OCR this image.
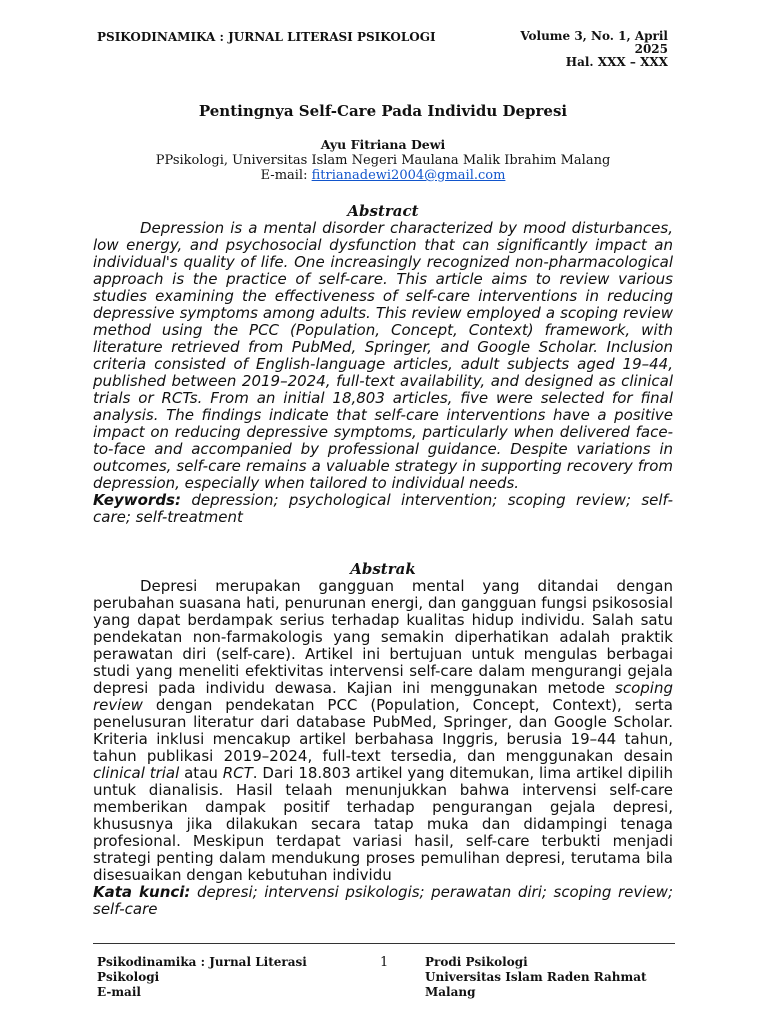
PSIKODINAMIKA : JURNAL LITERASI PSIKOLOGI	Volume 3, No. 1, April
2025
Hal. XXX – XXX
Pentingnya Self-Care Pada Individu Depresi
Ayu Fitriana Dewi
PPsikologi, Universitas Islam Negeri Maulana Malik Ibrahim Malang
E-mail: fitrianadewi2004@gmail.com
Abstract

Depression is a mental disorder characterized by mood disturbances, low energy, and psychosocial dysfunction that can significantly impact an individual's quality of life. One increasingly recognized non-pharmacological approach is the practice of self-care. This article aims to review various studies examining the effectiveness of self-care interventions in reducing depressive symptoms among adults. This review employed a scoping review method using the PCC (Population, Concept, Context) framework, with literature retrieved from PubMed, Springer, and Google Scholar. Inclusion criteria consisted of English-language articles, adult subjects aged 19–44, published between 2019–2024, full-text availability, and designed as clinical trials or RCTs. From an initial 18,803 articles, five were selected for final analysis. The findings indicate that self-care interventions have a positive impact on reducing depressive symptoms, particularly when delivered face-to-face and accompanied by professional guidance. Despite variations in outcomes, self-care remains a valuable strategy in supporting recovery from depression, especially when tailored to individual needs.
Keywords: depression; psychological intervention; scoping review; self-care; self-treatment

Abstrak

Depresi merupakan gangguan mental yang ditandai dengan perubahan suasana hati, penurunan energi, dan gangguan fungsi psikososial yang dapat berdampak serius terhadap kualitas hidup individu. Salah satu pendekatan non-farmakologis yang semakin diperhatikan adalah praktik perawatan diri (self-care). Artikel ini bertujuan untuk mengulas berbagai studi yang meneliti efektivitas intervensi self-care dalam mengurangi gejala depresi pada individu dewasa. Kajian ini menggunakan metode scoping review dengan pendekatan PCC (Population, Concept, Context), serta penelusuran literatur dari database PubMed, Springer, dan Google Scholar. Kriteria inklusi mencakup artikel berbahasa Inggris, berusia 19–44 tahun, tahun publikasi 2019–2024, full-text tersedia, dan menggunakan desain clinical trial atau RCT. Dari 18.803 artikel yang ditemukan, lima artikel dipilih untuk dianalisis. Hasil telaah menunjukkan bahwa intervensi self-care memberikan dampak positif terhadap pengurangan gejala depresi, khususnya jika dilakukan secara tatap muka dan didampingi tenaga profesional. Meskipun terdapat variasi hasil, self-care terbukti menjadi strategi penting dalam mendukung proses pemulihan depresi, terutama bila disesuaikan dengan kebutuhan individu
Kata kunci: depresi; intervensi psikologis; perawatan diri; scoping review; self-care

Psikodinamika : Jurnal Literasi
Psikologi
E-mail
1	Prodi Psikologi
Universitas Islam Raden Rahmat
Malang
